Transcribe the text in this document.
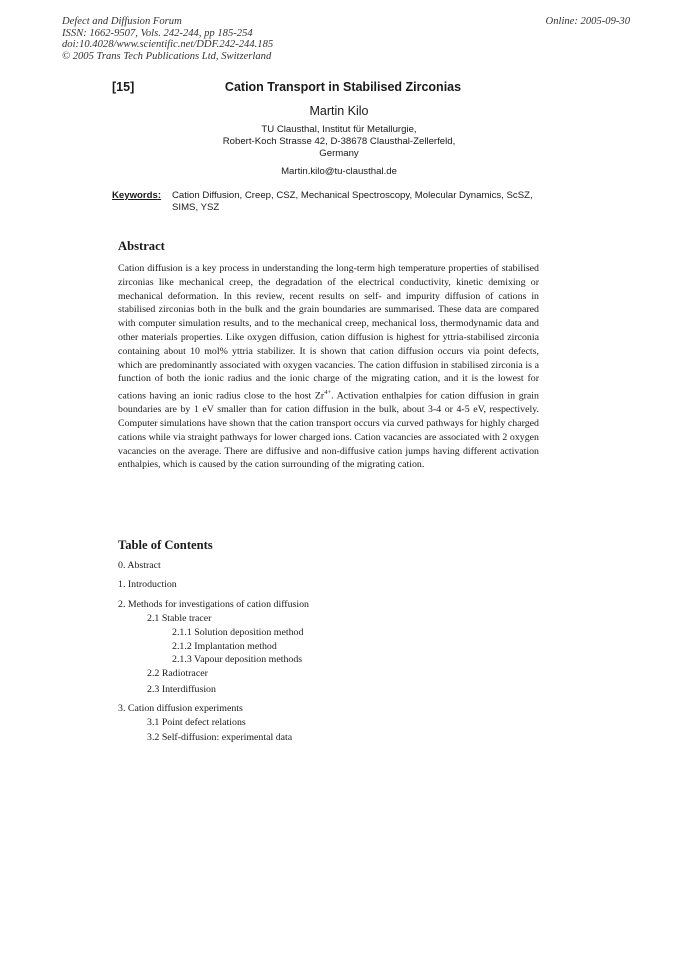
Defect and Diffusion Forum
ISSN: 1662-9507, Vols. 242-244, pp 185-254
doi:10.4028/www.scientific.net/DDF.242-244.185
© 2005 Trans Tech Publications Ltd, Switzerland
Online: 2005-09-30
[15]	Cation Transport in Stabilised Zirconias
Martin Kilo
TU Clausthal, Institut für Metallurgie,
Robert-Koch Strasse 42, D-38678 Clausthal-Zellerfeld,
Germany
Martin.kilo@tu-clausthal.de
Keywords: Cation Diffusion, Creep, CSZ, Mechanical Spectroscopy, Molecular Dynamics, ScSZ, SIMS, YSZ
Abstract
Cation diffusion is a key process in understanding the long-term high temperature properties of stabilised zirconias like mechanical creep, the degradation of the electrical conductivity, kinetic demixing or mechanical deformation. In this review, recent results on self- and impurity diffusion of cations in stabilised zirconias both in the bulk and the grain boundaries are summarised. These data are compared with computer simulation results, and to the mechanical creep, mechanical loss, thermodynamic data and other materials properties. Like oxygen diffusion, cation diffusion is highest for yttria-stabilised zirconia containing about 10 mol% yttria stabilizer. It is shown that cation diffusion occurs via point defects, which are predominantly associated with oxygen vacancies. The cation diffusion in stabilised zirconia is a function of both the ionic radius and the ionic charge of the migrating cation, and it is the lowest for cations having an ionic radius close to the host $Zr^{4+}$. Activation enthalpies for cation diffusion in grain boundaries are by 1 eV smaller than for cation diffusion in the bulk, about 3-4 or 4-5 eV, respectively. Computer simulations have shown that the cation transport occurs via curved pathways for highly charged cations while via straight pathways for lower charged ions. Cation vacancies are associated with 2 oxygen vacancies on the average. There are diffusive and non-diffusive cation jumps having different activation enthalpies, which is caused by the cation surrounding of the migrating cation.
Table of Contents
0. Abstract
1. Introduction
2. Methods for investigations of cation diffusion
2.1 Stable tracer
2.1.1 Solution deposition method
2.1.2 Implantation method
2.1.3 Vapour deposition methods
2.2 Radiotracer
2.3 Interdiffusion
3. Cation diffusion experiments
3.1 Point defect relations
3.2 Self-diffusion: experimental data
